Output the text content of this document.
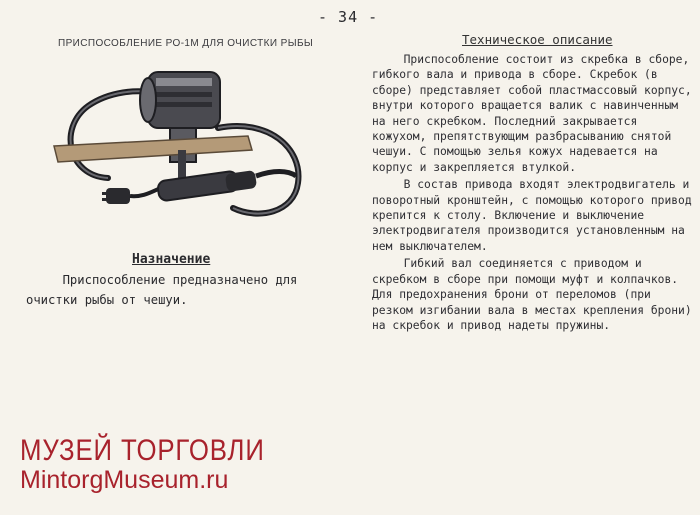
- 34 -
ПРИСПОСОБЛЕНИЕ РО-1М ДЛЯ ОЧИСТКИ РЫБЫ
Назначение

Приспособление предназначено для очистки рыбы от чешуи.

Техническое описание

Приспособление состоит из скребка в сборе, гибкого вала и привода в сборе. Скребок (в сборе) представляет собой пластмассовый корпус, внутри которого вращается валик с навинченным на него скребком. Последний закрывается кожухом, препятствующим разбрасыванию снятой чешуи. С помощью зелья кожух надевается на корпус и закрепляется втулкой.

В состав привода входят электродвигатель и поворотный кронштейн, с помощью которого привод крепится к столу. Включение и выключение электродвигателя производится установленным на нем выключателем.

Гибкий вал соединяется с приводом и скребком в сборе при помощи муфт и колпачков. Для предохранения брони от переломов (при резком изгибании вала в местах крепления брони) на скребок и привод надеты пружины.

МУЗЕЙ ТОРГОВЛИ
MintorgMuseum.ru
